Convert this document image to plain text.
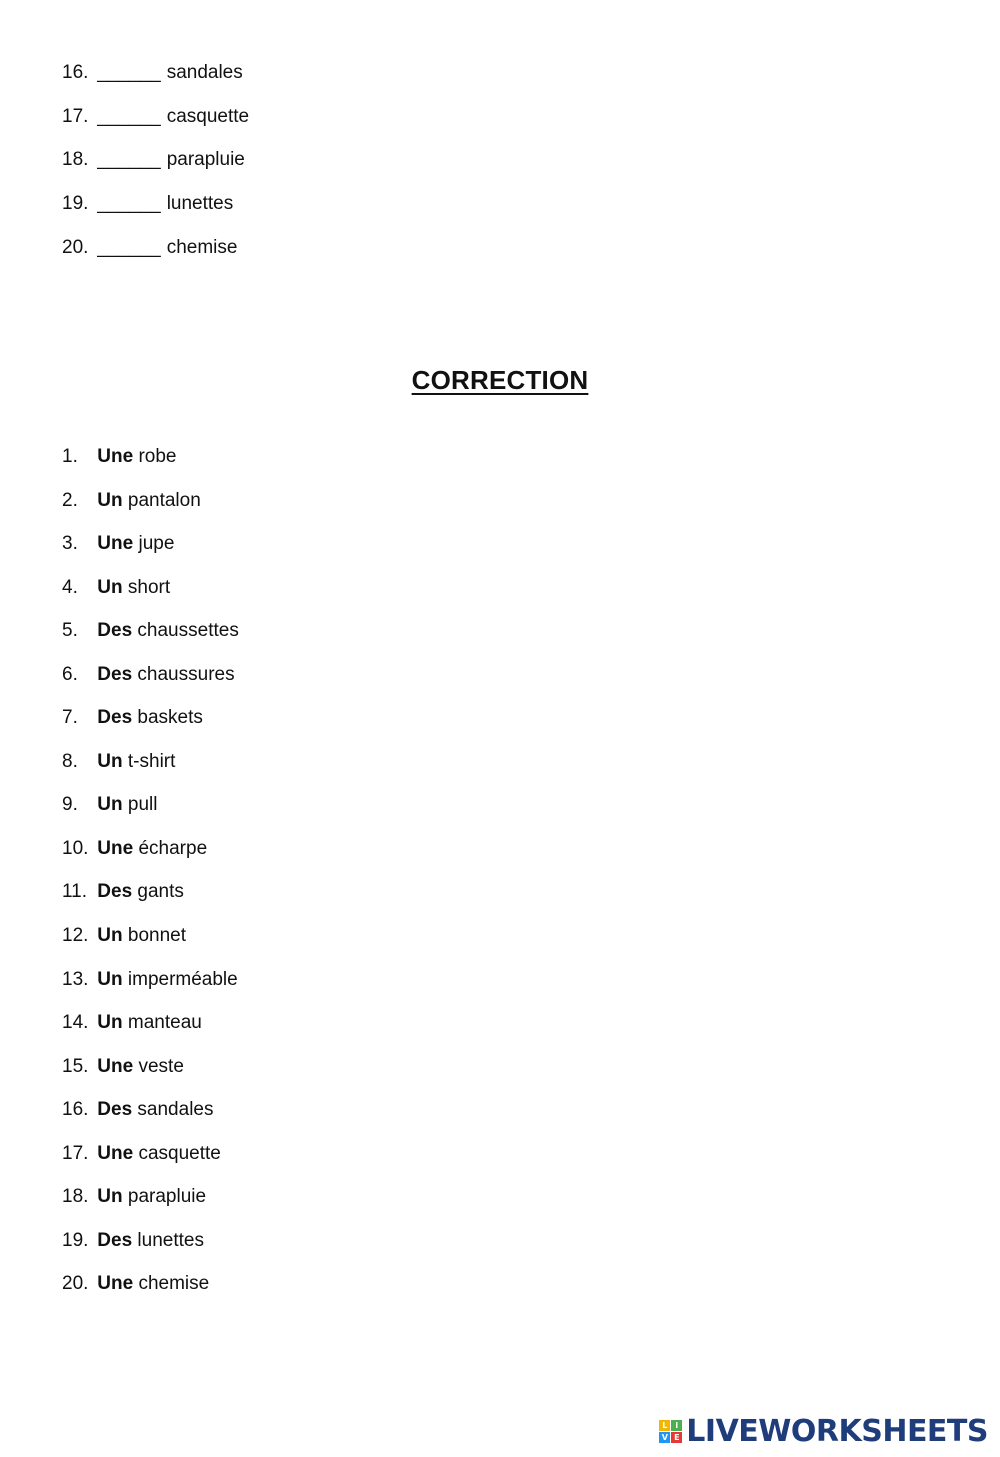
16. ______ sandales
17. ______ casquette
18. ______ parapluie
19. ______ lunettes
20. ______ chemise
CORRECTION
1. Une robe
2. Un pantalon
3. Une jupe
4. Un short
5. Des chaussettes
6. Des chaussures
7. Des baskets
8. Un t-shirt
9. Un pull
10. Une écharpe
11. Des gants
12. Un bonnet
13. Un imperméable
14. Un manteau
15. Une veste
16. Des sandales
17. Une casquette
18. Un parapluie
19. Des lunettes
20. Une chemise
L I
V E LIVEWORKSHEETS
